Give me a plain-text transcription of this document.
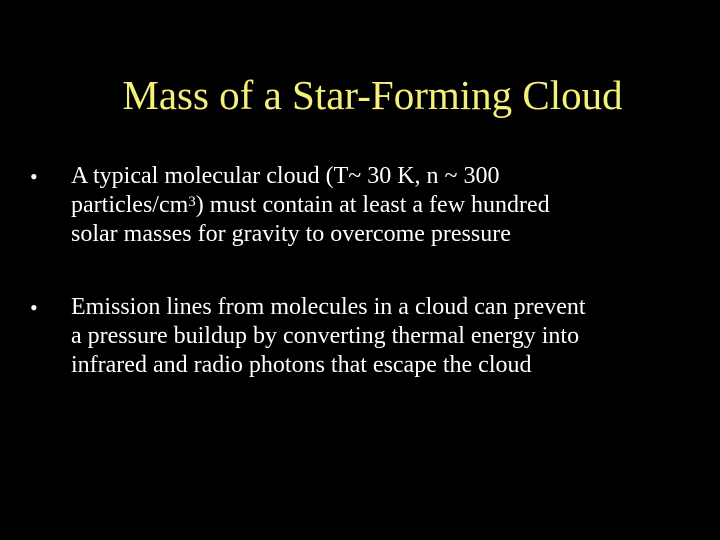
Mass of a Star-Forming Cloud
•	A typical molecular cloud (T~ 30 K, n ~ 300
particles/$cm^3$) must contain at least a few hundred
solar masses for gravity to overcome pressure
•	Emission lines from molecules in a cloud can prevent
a pressure buildup by converting thermal energy into
infrared and radio photons that escape the cloud
